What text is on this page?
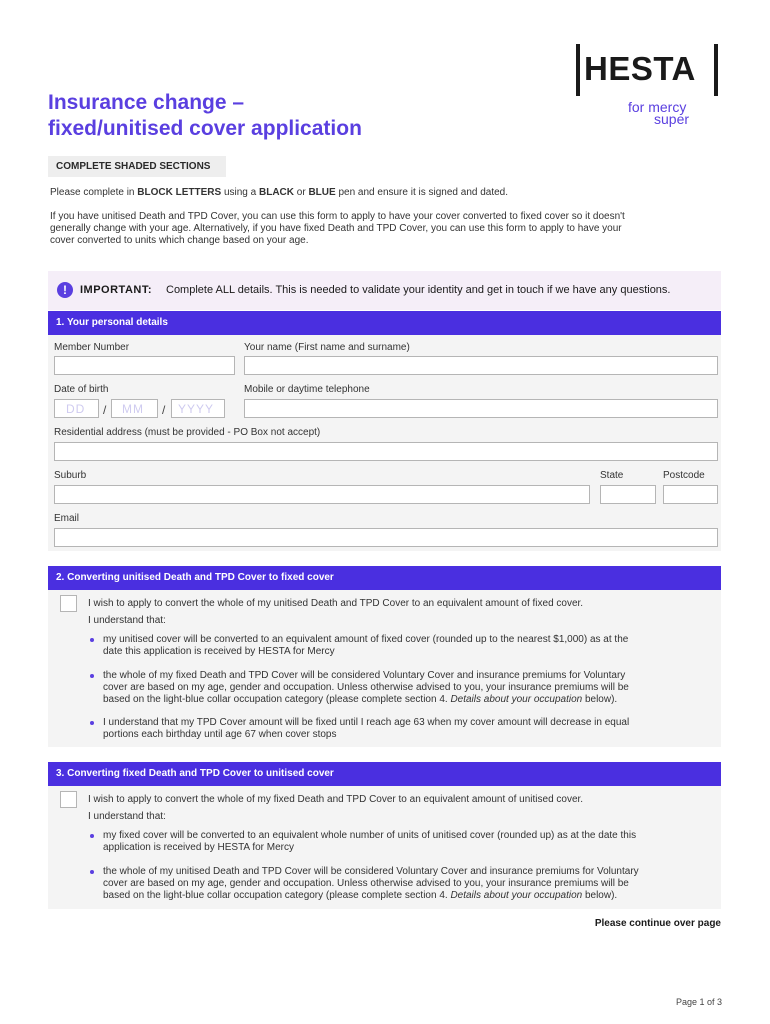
HESTA
for mercy
super
Insurance change –
fixed/unitised cover application
COMPLETE SHADED SECTIONS
Please complete in BLOCK LETTERS using a BLACK or BLUE pen and ensure it is signed and dated.
If you have unitised Death and TPD Cover, you can use this form to apply to have your cover converted to fixed cover so it doesn't
generally change with your age. Alternatively, if you have fixed Death and TPD Cover, you can use this form to apply to have your
cover converted to units which change based on your age.
!	IMPORTANT: Complete ALL details. This is needed to validate your identity and get in touch if we have any questions.
1. Your personal details
Member Number	Your name (First name and surname)
Date of birth	Mobile or daytime telephone
DD / MM / YYYY
Residential address (must be provided - PO Box not accept)
Suburb	State	Postcode
Email
2. Converting unitised Death and TPD Cover to fixed cover
I wish to apply to convert the whole of my unitised Death and TPD Cover to an equivalent amount of fixed cover.
I understand that:
my unitised cover will be converted to an equivalent amount of fixed cover (rounded up to the nearest $1,000) as at the
date this application is received by HESTA for Mercy
the whole of my fixed Death and TPD Cover will be considered Voluntary Cover and insurance premiums for Voluntary
cover are based on my age, gender and occupation. Unless otherwise advised to you, your insurance premiums will be
based on the light-blue collar occupation category (please complete section 4. Details about your occupation below).
I understand that my TPD Cover amount will be fixed until I reach age 63 when my cover amount will decrease in equal
portions each birthday until age 67 when cover stops
3. Converting fixed Death and TPD Cover to unitised cover
I wish to apply to convert the whole of my fixed Death and TPD Cover to an equivalent amount of unitised cover.
I understand that:
my fixed cover will be converted to an equivalent whole number of units of unitised cover (rounded up) as at the date this
application is received by HESTA for Mercy
the whole of my unitised Death and TPD Cover will be considered Voluntary Cover and insurance premiums for Voluntary
cover are based on my age, gender and occupation. Unless otherwise advised to you, your insurance premiums will be
based on the light-blue collar occupation category (please complete section 4. Details about your occupation below).
Please continue over page
Page 1 of 3
